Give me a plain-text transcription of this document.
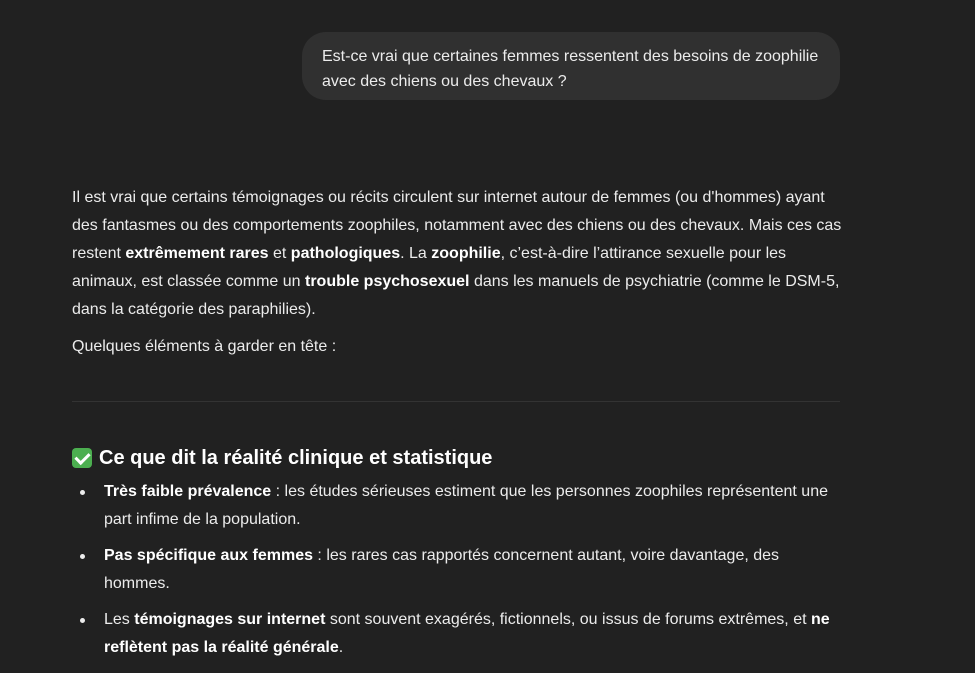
Est-ce vrai que certaines femmes ressentent des besoins de zoophilie avec des chiens ou des chevaux ?

Il est vrai que certains témoignages ou récits circulent sur internet autour de femmes (ou d'hommes) ayant des fantasmes ou des comportements zoophiles, notamment avec des chiens ou des chevaux. Mais ces cas restent extrêmement rares et pathologiques. La zoophilie, c’est-à-dire l’attirance sexuelle pour les animaux, est classée comme un trouble psychosexuel dans les manuels de psychiatrie (comme le DSM-5, dans la catégorie des paraphilies).

Quelques éléments à garder en tête :

Ce que dit la réalité clinique et statistique
Très faible prévalence : les études sérieuses estiment que les personnes zoophiles représentent une part infime de la population.
Pas spécifique aux femmes : les rares cas rapportés concernent autant, voire davantage, des hommes.
Les témoignages sur internet sont souvent exagérés, fictionnels, ou issus de forums extrêmes, et ne reflètent pas la réalité générale.
